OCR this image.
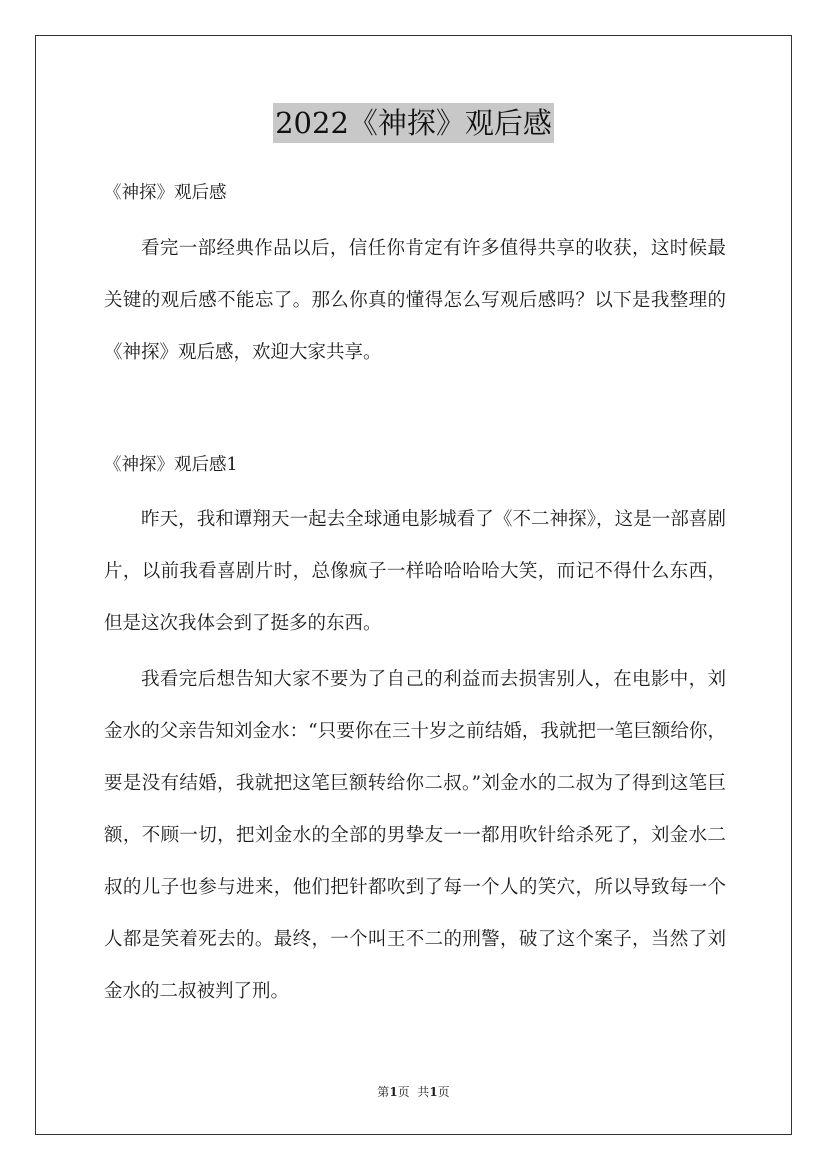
2022《神探》观后感

《神探》观后感

看完一部经典作品以后，信任你肯定有许多值得共享的收获，这时候最关键的观后感不能忘了。那么你真的懂得怎么写观后感吗？以下是我整理的《神探》观后感，欢迎大家共享。

《神探》观后感1

昨天，我和谭翔天一起去全球通电影城看了《不二神探》，这是一部喜剧片，以前我看喜剧片时，总像疯子一样哈哈哈哈大笑，而记不得什么东西，但是这次我体会到了挺多的东西。

我看完后想告知大家不要为了自己的利益而去损害别人，在电影中，刘金水的父亲告知刘金水：“只要你在三十岁之前结婚，我就把一笔巨额给你，要是没有结婚，我就把这笔巨额转给你二叔。”刘金水的二叔为了得到这笔巨额，不顾一切，把刘金水的全部的男挚友一一都用吹针给杀死了，刘金水二叔的儿子也参与进来，他们把针都吹到了每一个人的笑穴，所以导致每一个人都是笑着死去的。最终，一个叫王不二的刑警，破了这个案子，当然了刘金水的二叔被判了刑。

第1页  共1页
